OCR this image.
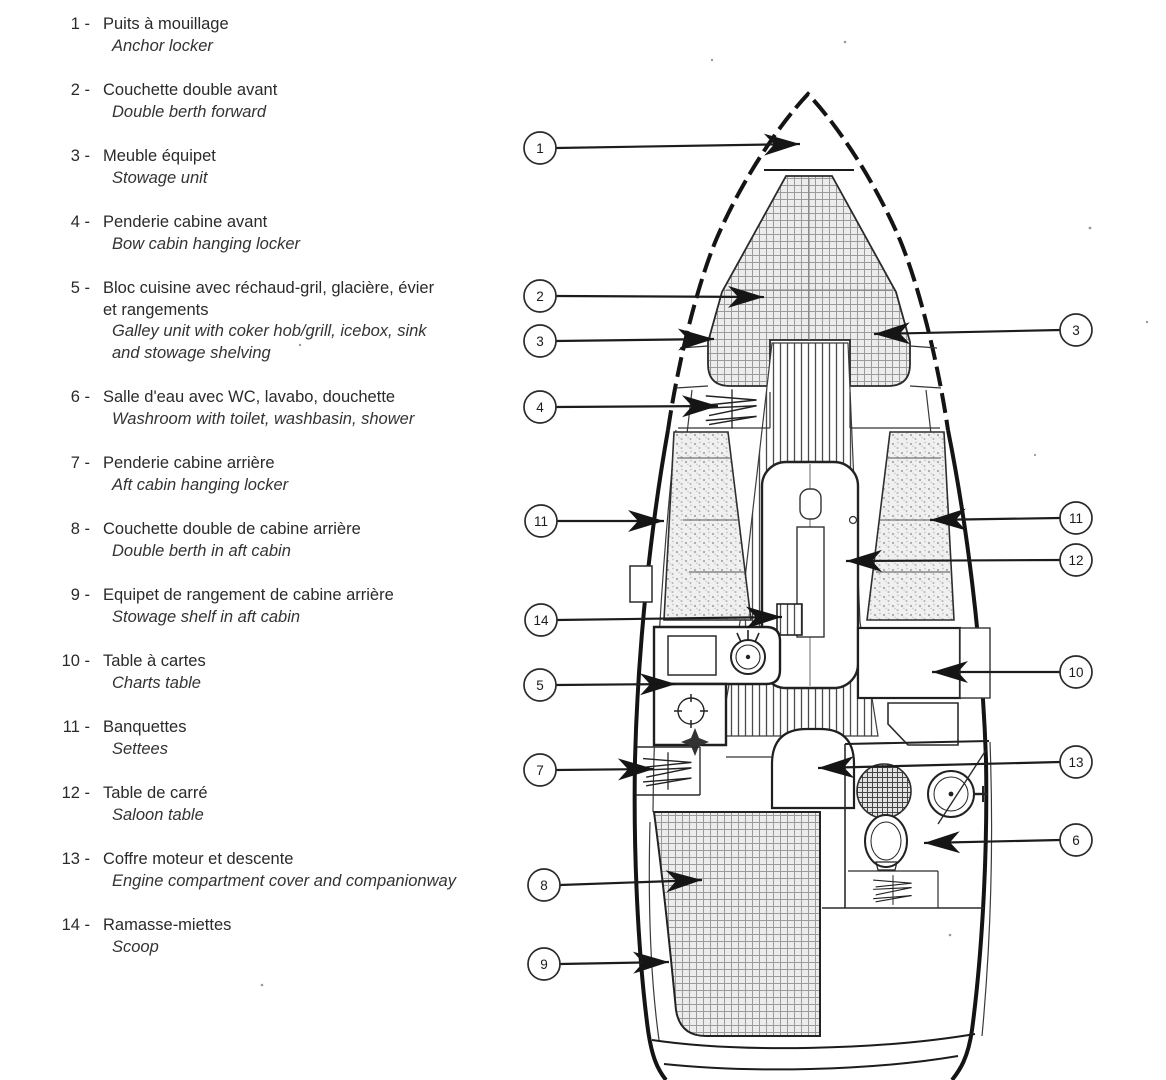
1 - Puits à mouillage
Anchor locker
2 - Couchette double avant
Double berth forward
3 - Meuble équipet
Stowage unit
4 - Penderie cabine avant
Bow cabin hanging locker
5 - Bloc cuisine avec réchaud-gril, glacière, évier
et rangements
Galley unit with coker hob/grill, icebox, sink
and stowage shelving
6 - Salle d'eau avec WC, lavabo, douchette
Washroom with toilet, washbasin, shower
7 - Penderie cabine arrière
Aft cabin hanging locker
8 - Couchette double de cabine arrière
Double berth in aft cabin
9 - Equipet de rangement de cabine arrière
Stowage shelf in aft cabin
10 - Table à cartes
Charts table
11 - Banquettes
Settees
12 - Table de carré
Saloon table
13 - Coffre moteur et descente
Engine compartment cover and companionway
14 - Ramasse-miettes
Scoop
1
2
3
4
11
14
5
7
8
9
3
11
12
10
13
6
